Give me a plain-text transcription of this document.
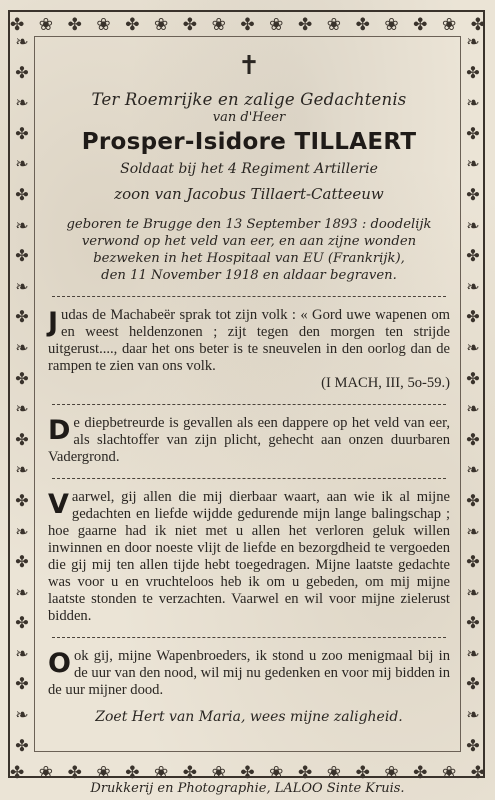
✤ ❀ ✤ ❀ ✤ ❀ ✤ ❀ ✤ ❀ ✤ ❀ ✤ ❀ ✤ ❀ ✤
✤ ❀ ✤ ❀ ✤ ❀ ✤ ❀ ✤ ❀ ✤ ❀ ✤ ❀ ✤ ❀ ✤
❧
✤
❧
✤
❧
✤
❧
✤
❧
✤
❧
✤
❧
✤
❧
✤
❧
✤
❧
✤
❧
✤
❧
✤
❧
✤
❧
✤
❧
✤
❧
✤
❧
✤
❧
✤
❧
✤
❧
✤
❧
✤
❧
✤
❧
✤
❧
✤
✝
Ter Roemrijke en zalige Gedachtenis
van d'Heer
Prosper-Isidore TILLAERT
Soldaat bij het 4 Regiment Artillerie
zoon van Jacobus Tillaert-Catteeuw
geboren te Brugge den 13 September 1893 : doodelijk
verwond op het veld van eer, en aan zijne wonden
bezweken in het Hospitaal van EU (Frankrijk),
den 11 November 1918 en aldaar begraven.
Judas de Machabeër sprak tot zijn volk : « Gord uwe wapenen om en weest heldenzonen ; zijt tegen den morgen ten strijde uitgerust...., daar het ons beter is te sneuvelen in den oorlog dan de rampen te zien van ons volk.
(I MACH, III, 5o-59.)
De diepbetreurde is gevallen als een dappere op het veld van eer, als slachtoffer van zijn plicht, gehecht aan onzen duurbaren Vadergrond.
Vaarwel, gij allen die mij dierbaar waart, aan wie ik al mijne gedachten en liefde wijdde gedurende mijn lange balingschap ; hoe gaarne had ik niet met u allen het verloren geluk willen inwinnen en door noeste vlijt de liefde en bezorgdheid te vergoeden die gij mij ten allen tijde hebt toegedragen. Mijne laatste gedachte was voor u en vruchteloos heb ik om u gebeden, om mij mijne laatste stonden te verzachten. Vaarwel en wil voor mijne zielerust bidden.
Ook gij, mijne Wapenbroeders, ik stond u zoo menigmaal bij in de uur van den nood, wil mij nu gedenken en voor mij bidden in de uur mijner dood.
Zoet Hert van Maria, wees mijne zaligheid.
Drukkerij en Photographie, LALOO Sinte Kruis.
